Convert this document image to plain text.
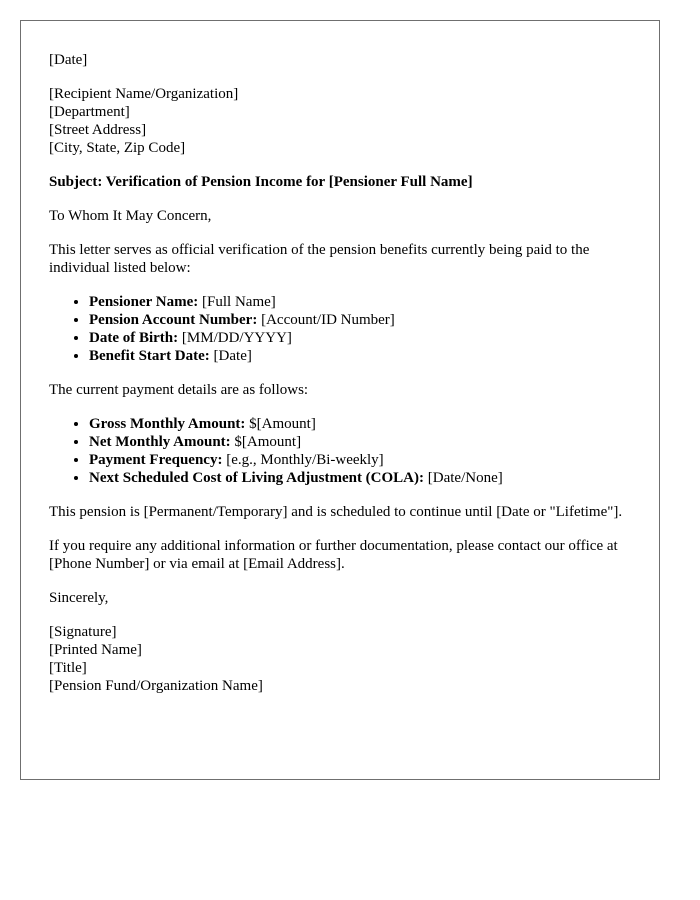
[Date]

[Recipient Name/Organization]
[Department]
[Street Address]
[City, State, Zip Code]

Subject: Verification of Pension Income for [Pensioner Full Name]

To Whom It May Concern,

This letter serves as official verification of the pension benefits currently being paid to the individual listed below:

• Pensioner Name: [Full Name]
• Pension Account Number: [Account/ID Number]
• Date of Birth: [MM/DD/YYYY]
• Benefit Start Date: [Date]

The current payment details are as follows:

• Gross Monthly Amount: $[Amount]
• Net Monthly Amount: $[Amount]
• Payment Frequency: [e.g., Monthly/Bi-weekly]
• Next Scheduled Cost of Living Adjustment (COLA): [Date/None]

This pension is [Permanent/Temporary] and is scheduled to continue until [Date or "Lifetime"].

If you require any additional information or further documentation, please contact our office at [Phone Number] or via email at [Email Address].

Sincerely,

[Signature]
[Printed Name]
[Title]
[Pension Fund/Organization Name]
